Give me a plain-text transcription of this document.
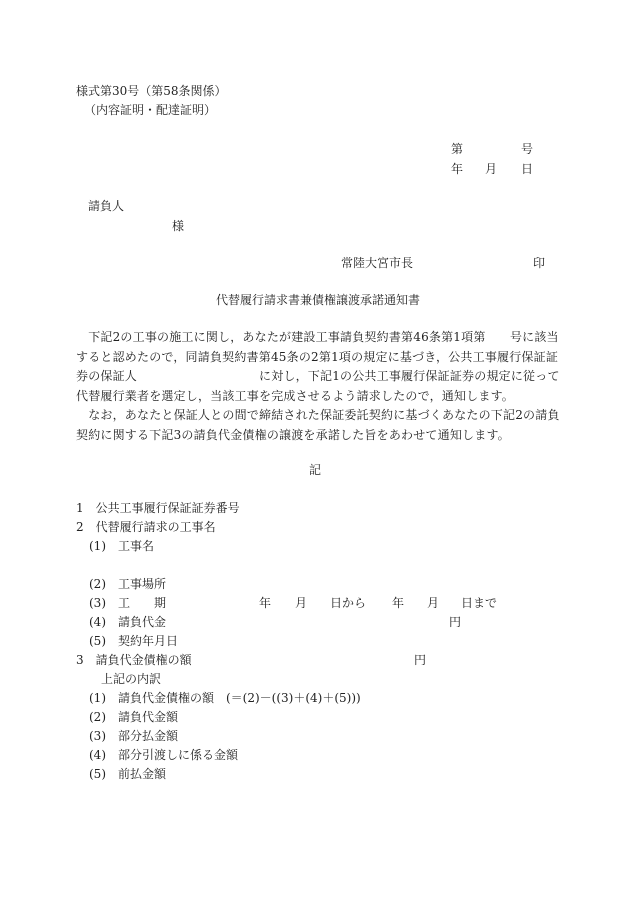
様式第30号（第58条関係）
（内容証明・配達証明）
第	号
年 月 日
請負人
様
常陸大宮市長	印
代替履行請求書兼債権譲渡承諾通知書
　下記2の工事の施工に関し，あなたが建設工事請負契約書第46条第1項第　　号に該当すると認めたので，同請負契約書第45条の2第1項の規定に基づき，公共工事履行保証証券の保証人　　　　　　　　　　に対し，下記1の公共工事履行保証証券の規定に従って代替履行業者を選定し，当該工事を完成させるよう請求したので，通知します。
　なお，あなたと保証人との間で締結された保証委託契約に基づくあなたの下記2の請負契約に関する下記3の請負代金債権の譲渡を承諾した旨をあわせて通知します。
記
1　公共工事履行保証証券番号
2　代替履行請求の工事名
(1)　工事名
(2)　工事場所
(3)　工　　期	年 月 日から 年 月 日まで
(4)　請負代金	円
(5)　契約年月日
3　請負代金債権の額	円
上記の内訳
(1)　請負代金債権の額　(＝(2)－((3)＋(4)＋(5)))
(2)　請負代金額
(3)　部分払金額
(4)　部分引渡しに係る金額
(5)　前払金額
